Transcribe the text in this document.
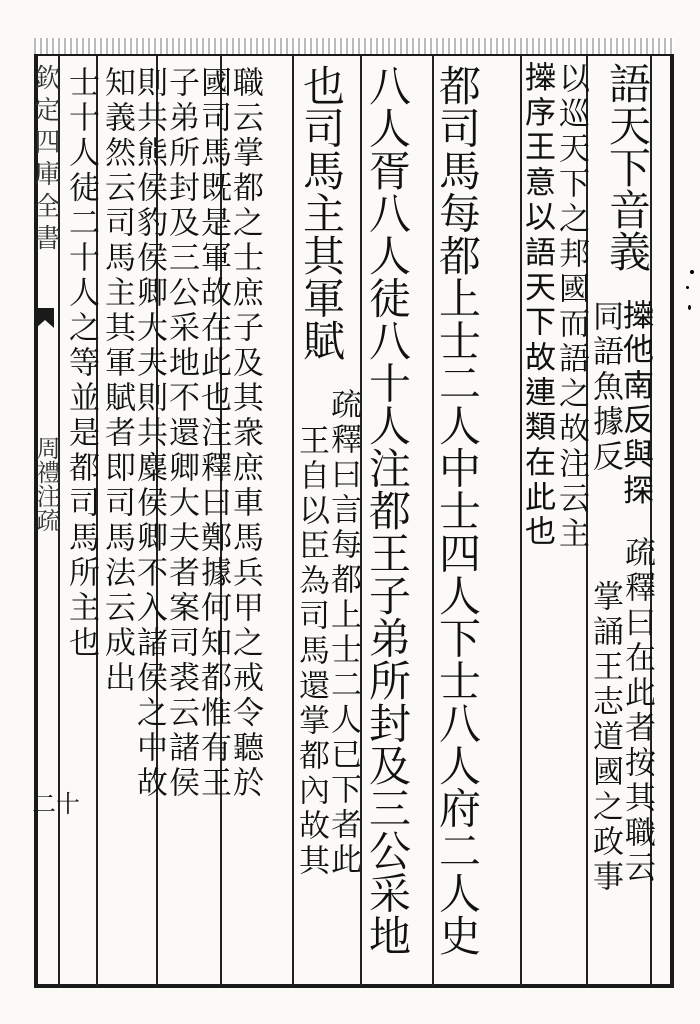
欽定四庫全書
周禮注疏
二十
語天下音義
𢷎他南反與探
同語魚據反
疏釋曰在此者按其職云
掌誦王志道國之政事
以巡天下之邦國而語之故注云主
𢷎序王意以語天下故連類在此也
都司馬每都上士二人中士四人下士八人府二人史
八人胥八人徒八十人注都王子弟所封及三公采地
也司馬主其軍賦
疏釋曰言每都上士二人已下者此
王自以臣為司馬還掌都內故其
職云掌都之士庶子及其衆庶車馬兵甲之戒令聽於
國司馬既是軍故在此也注釋曰鄭據何知都惟有王
子弟所封及三公采地不還卿大夫者案司裘云諸侯
則共熊侯豹侯卿大夫則共麋侯卿不入諸侯之中故
知義然云司馬主其軍賦者即司馬法云成出
士十人徒二十人之等並是都司馬所主也
